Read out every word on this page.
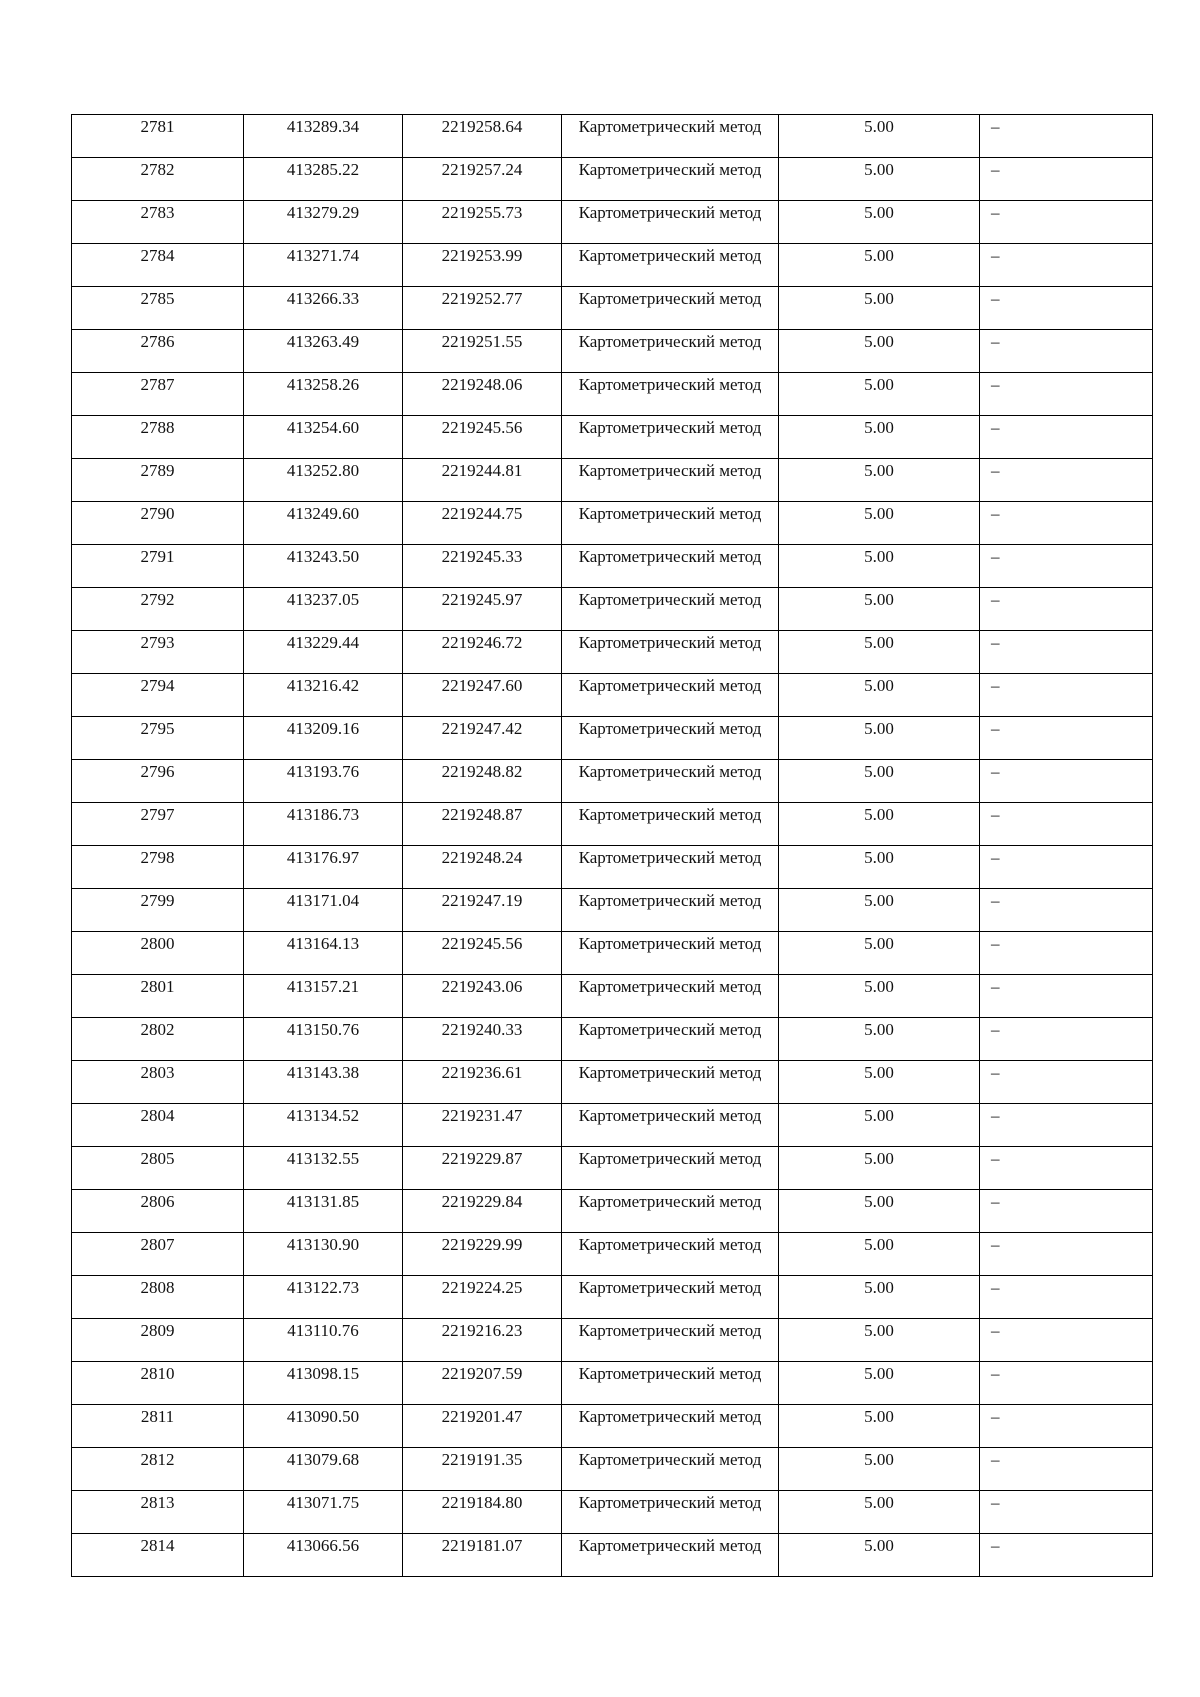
2781	413289.34	2219258.64	Картометрический метод	5.00	–

2782	413285.22	2219257.24	Картометрический метод	5.00	–

2783	413279.29	2219255.73	Картометрический метод	5.00	–

2784	413271.74	2219253.99	Картометрический метод	5.00	–

2785	413266.33	2219252.77	Картометрический метод	5.00	–

2786	413263.49	2219251.55	Картометрический метод	5.00	–

2787	413258.26	2219248.06	Картометрический метод	5.00	–

2788	413254.60	2219245.56	Картометрический метод	5.00	–

2789	413252.80	2219244.81	Картометрический метод	5.00	–

2790	413249.60	2219244.75	Картометрический метод	5.00	–

2791	413243.50	2219245.33	Картометрический метод	5.00	–

2792	413237.05	2219245.97	Картометрический метод	5.00	–

2793	413229.44	2219246.72	Картометрический метод	5.00	–

2794	413216.42	2219247.60	Картометрический метод	5.00	–

2795	413209.16	2219247.42	Картометрический метод	5.00	–

2796	413193.76	2219248.82	Картометрический метод	5.00	–

2797	413186.73	2219248.87	Картометрический метод	5.00	–

2798	413176.97	2219248.24	Картометрический метод	5.00	–

2799	413171.04	2219247.19	Картометрический метод	5.00	–

2800	413164.13	2219245.56	Картометрический метод	5.00	–

2801	413157.21	2219243.06	Картометрический метод	5.00	–

2802	413150.76	2219240.33	Картометрический метод	5.00	–

2803	413143.38	2219236.61	Картометрический метод	5.00	–

2804	413134.52	2219231.47	Картометрический метод	5.00	–

2805	413132.55	2219229.87	Картометрический метод	5.00	–

2806	413131.85	2219229.84	Картометрический метод	5.00	–

2807	413130.90	2219229.99	Картометрический метод	5.00	–

2808	413122.73	2219224.25	Картометрический метод	5.00	–

2809	413110.76	2219216.23	Картометрический метод	5.00	–

2810	413098.15	2219207.59	Картометрический метод	5.00	–

2811	413090.50	2219201.47	Картометрический метод	5.00	–

2812	413079.68	2219191.35	Картометрический метод	5.00	–

2813	413071.75	2219184.80	Картометрический метод	5.00	–

2814	413066.56	2219181.07	Картометрический метод	5.00	–
